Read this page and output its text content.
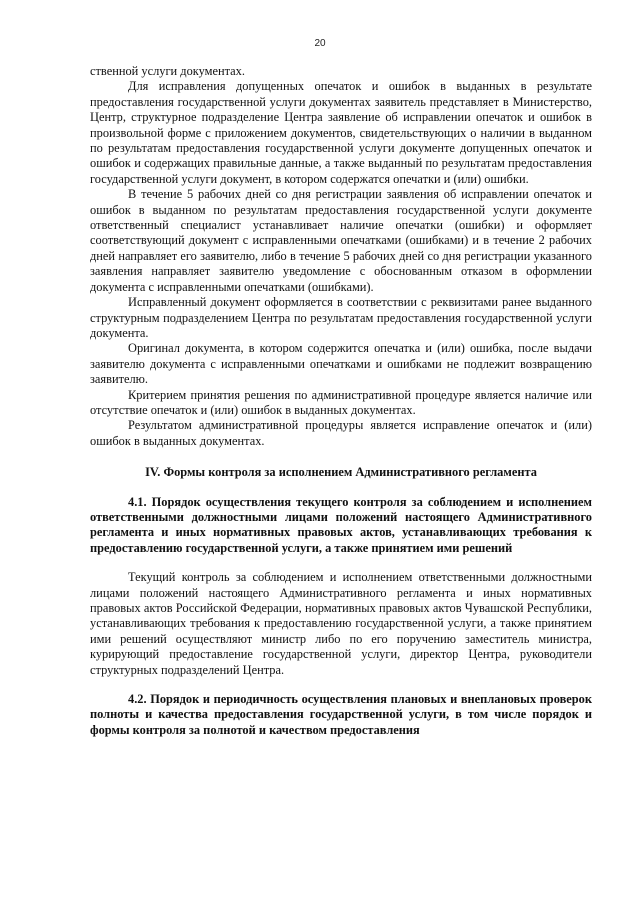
20

ственной услуги документах.

Для исправления допущенных опечаток и ошибок в выданных в результате предоставления государственной услуги документах заявитель представляет в Министерство, Центр, структурное подразделение Центра заявление об исправлении опечаток и ошибок в произвольной форме с приложением документов, свидетельствующих о наличии в выданном по результатам предоставления государственной услуги документе допущенных опечаток и ошибок и содержащих правильные данные, а также выданный по результатам предоставления государственной услуги документ, в котором содержатся опечатки и (или) ошибки.

В течение 5 рабочих дней со дня регистрации заявления об исправлении опечаток и ошибок в выданном по результатам предоставления государственной услуги документе ответственный специалист устанавливает наличие опечатки (ошибки) и оформляет соответствующий документ с исправленными опечатками (ошибками) и в течение 2 рабочих дней направляет его заявителю, либо в течение 5 рабочих дней со дня регистрации указанного заявления направляет заявителю уведомление с обоснованным отказом в оформлении документа с исправленными опечатками (ошибками).

Исправленный документ оформляется в соответствии с реквизитами ранее выданного структурным подразделением Центра по результатам предоставления государственной услуги документа.

Оригинал документа, в котором содержится опечатка и (или) ошибка, после выдачи заявителю документа с исправленными опечатками и ошибками не подлежит возвращению заявителю.

Критерием принятия решения по административной процедуре является наличие или отсутствие опечаток и (или) ошибок в выданных документах.

Результатом административной процедуры является исправление опечаток и (или) ошибок в выданных документах.

IV. Формы контроля за исполнением Административного регламента

4.1. Порядок осуществления текущего контроля за соблюдением и исполнением ответственными должностными лицами положений настоящего Административного регламента и иных нормативных правовых актов, устанавливающих требования к предоставлению государственной услуги, а также принятием ими решений

Текущий контроль за соблюдением и исполнением ответственными должностными лицами положений настоящего Административного регламента и иных нормативных правовых актов Российской Федерации, нормативных правовых актов Чувашской Республики, устанавливающих требования к предоставлению государственной услуги, а также принятием ими решений осуществляют министр либо по его поручению заместитель министра, курирующий предоставление государственной услуги, директор Центра, руководители структурных подразделений Центра.

4.2. Порядок и периодичность осуществления плановых и внеплановых проверок полноты и качества предоставления государственной услуги, в том числе порядок и формы контроля за полнотой и качеством предоставления
